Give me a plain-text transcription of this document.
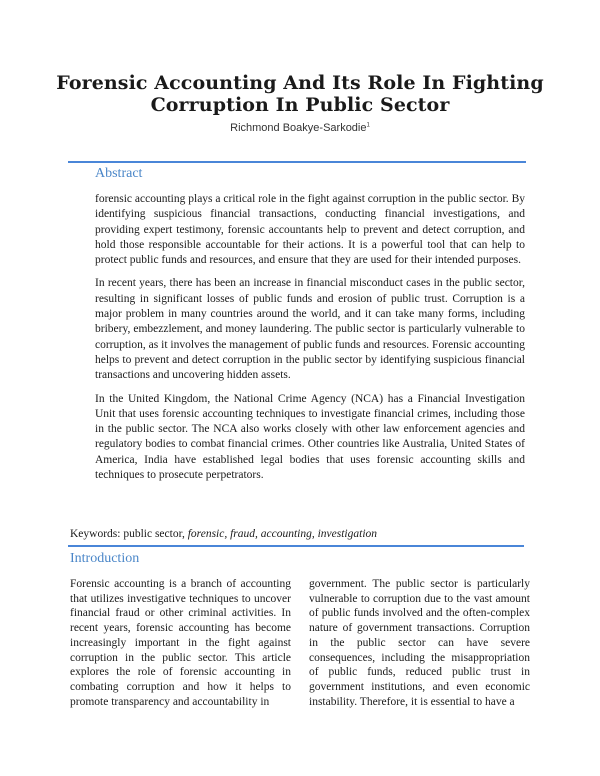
Forensic Accounting And Its Role In Fighting Corruption In Public Sector
Richmond Boakye-Sarkodie$^1$
Abstract

forensic accounting plays a critical role in the fight against corruption in the public sector. By identifying suspicious financial transactions, conducting financial investigations, and providing expert testimony, forensic accountants help to prevent and detect corruption, and hold those responsible accountable for their actions. It is a powerful tool that can help to protect public funds and resources, and ensure that they are used for their intended purposes.

In recent years, there has been an increase in financial misconduct cases in the public sector, resulting in significant losses of public funds and erosion of public trust. Corruption is a major problem in many countries around the world, and it can take many forms, including bribery, embezzlement, and money laundering. The public sector is particularly vulnerable to corruption, as it involves the management of public funds and resources. Forensic accounting helps to prevent and detect corruption in the public sector by identifying suspicious financial transactions and uncovering hidden assets.

In the United Kingdom, the National Crime Agency (NCA) has a Financial Investigation Unit that uses forensic accounting techniques to investigate financial crimes, including those in the public sector. The NCA also works closely with other law enforcement agencies and regulatory bodies to combat financial crimes. Other countries like Australia, United States of America, India have established legal bodies that uses forensic accounting skills and techniques to prosecute perpetrators.

Keywords: public sector, forensic, fraud, accounting, investigation
Introduction

Forensic accounting is a branch of accounting that utilizes investigative techniques to uncover financial fraud or other criminal activities. In recent years, forensic accounting has become increasingly important in the fight against corruption in the public sector. This article explores the role of forensic accounting in combating corruption and how it helps to promote transparency and accountability in

government. The public sector is particularly vulnerable to corruption due to the vast amount of public funds involved and the often-complex nature of government transactions. Corruption in the public sector can have severe consequences, including the misappropriation of public funds, reduced public trust in government institutions, and even economic instability. Therefore, it is essential to have a
